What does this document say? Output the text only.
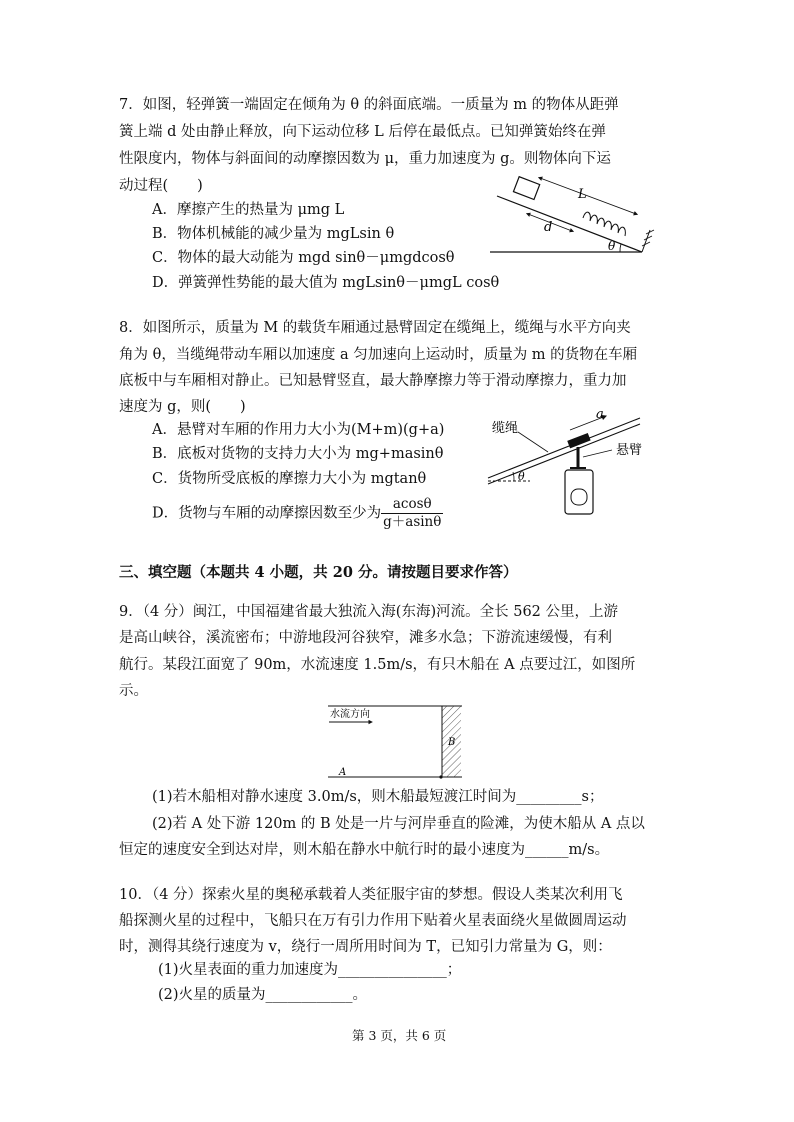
7．如图，轻弹簧一端固定在倾角为 θ 的斜面底端。一质量为 m 的物体从距弹
簧上端 d 处由静止释放，向下运动位移 L 后停在最低点。已知弹簧始终在弹
性限度内，物体与斜面间的动摩擦因数为 μ，重力加速度为 g。则物体向下运
动过程(　　)
A．摩擦产生的热量为 μmg L
B．物体机械能的减少量为 mgLsin θ
C．物体的最大动能为 mgd sinθ－μmgdcosθ
D．弹簧弹性势能的最大值为 mgLsinθ－μmgL cosθ
L
d
θ
8．如图所示，质量为 M 的载货车厢通过悬臂固定在缆绳上，缆绳与水平方向夹
角为 θ，当缆绳带动车厢以加速度 a 匀加速向上运动时，质量为 m 的货物在车厢
底板中与车厢相对静止。已知悬臂竖直，最大静摩擦力等于滑动摩擦力，重力加
速度为 g，则(　　)
A．悬臂对车厢的作用力大小为(M+m)(g+a)
B．底板对货物的支持力大小为 mg+masinθ
C．货物所受底板的摩擦力大小为 mgtanθ
D．货物与车厢的动摩擦因数至少为 $\frac{acos\theta}{g+asin\theta}$
缆绳
悬臂
a
θ
三、填空题（本题共 4 小题，共 20 分。请按题目要求作答）
9．（4 分）闽江，中国福建省最大独流入海(东海)河流。全长 562 公里，上游
是高山峡谷，溪流密布；中游地段河谷狭窄，滩多水急；下游流速缓慢，有利
航行。某段江面宽了 90m，水流速度 1.5m/s，有只木船在 A 点要过江，如图所
示。
水流方向
A
B
(1)若木船相对静水速度 3.0m/s，则木船最短渡江时间为_________s；
(2)若 A 处下游 120m 的 B 处是一片与河岸垂直的险滩，为使木船从 A 点以
恒定的速度安全到达对岸，则木船在静水中航行时的最小速度为______m/s。
10．（4 分）探索火星的奥秘承载着人类征服宇宙的梦想。假设人类某次利用飞
船探测火星的过程中，飞船只在万有引力作用下贴着火星表面绕火星做圆周运动
时，测得其绕行速度为 v，绕行一周所用时间为 T，已知引力常量为 G，则：
(1)火星表面的重力加速度为_______________；
(2)火星的质量为____________。
第 3 页，共 6 页
